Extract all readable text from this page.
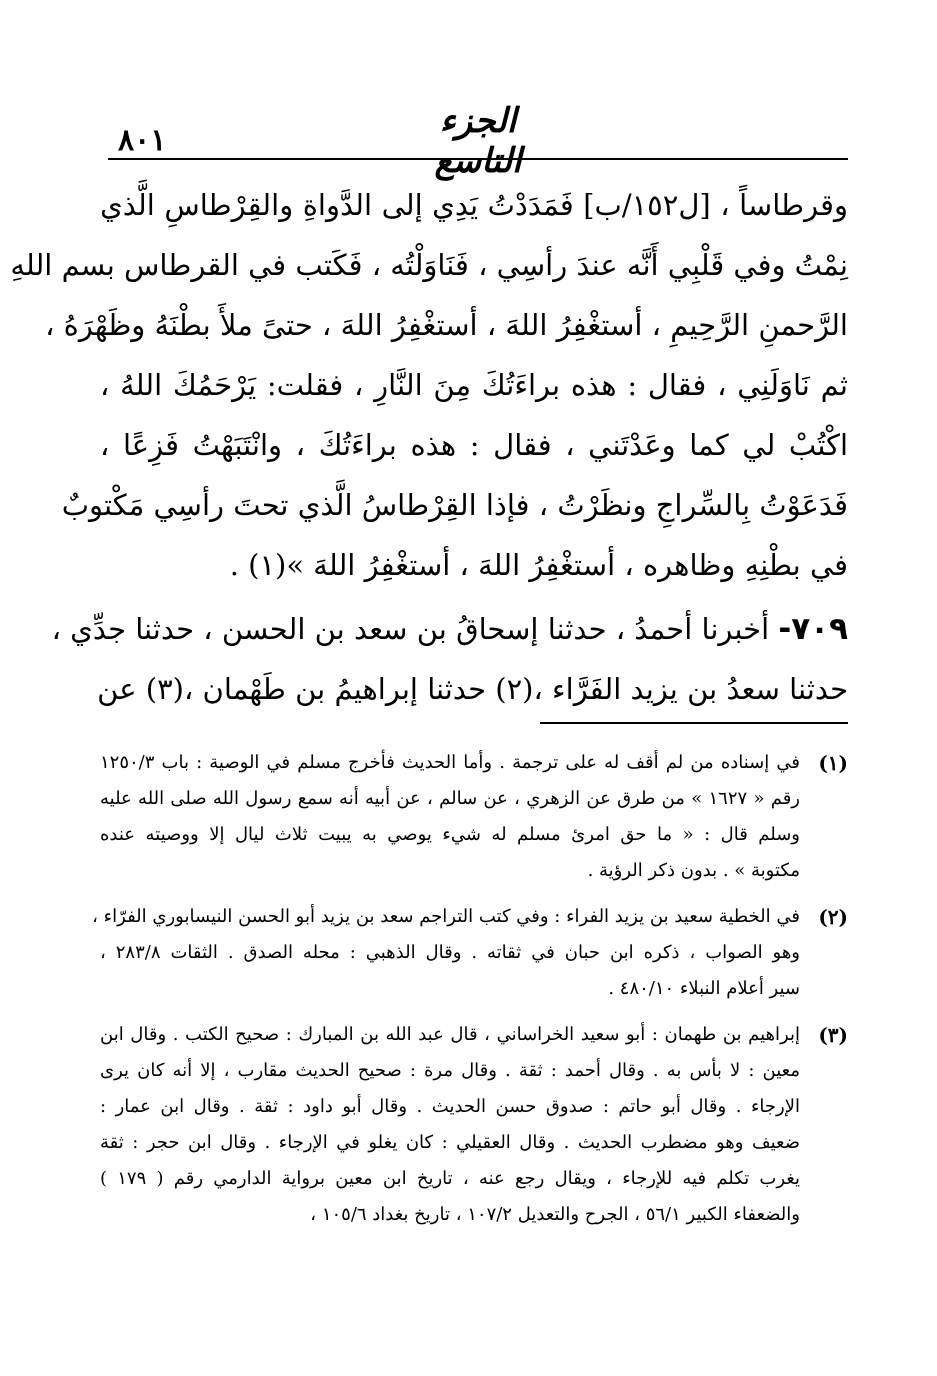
٨٠١	الجزء التاسع
وقرطاساً ، [ل١٥٢/ب] فَمَدَدْتُ يَدِي إلى الدَّواةِ والقِرْطاسِ الَّذي
نِمْتُ وفي قَلْبِي أَنَّه عندَ رأسِي ، فَنَاوَلْتُه ، فَكَتب في القرطاس بسم اللهِ
الرَّحمنِ الرَّحِيمِ ، أستغْفِرُ اللهَ ، أستغْفِرُ اللهَ ، حتىً ملأَ بطْنَهُ وظَهْرَهُ ،
ثم نَاوَلَنِي ، فقال : هذه براءَتُكَ مِنَ النَّارِ ، فقلت: يَرْحَمُكَ اللهُ ،
اكْتُبْ لي كما وعَدْتَني ، فقال : هذه براءَتُكَ ، وانْتَبَهْتُ فَزِعًا ،
فَدَعَوْتُ بِالسِّراجِ ونظَرْتُ ، فإذا القِرْطاسُ الَّذي تحتَ رأسِي مَكْتوبٌ
في بطْنِهِ وظاهره ، أستغْفِرُ اللهَ ، أستغْفِرُ اللهَ »(١) .
٧٠٩- أخبرنا أحمدُ ، حدثنا إسحاقُ بن سعد بن الحسن ، حدثنا جدِّي ،
حدثنا سعدُ بن يزيد الفَرَّاء ،(٢) حدثنا إبراهيمُ بن طَهْمان ،(٣) عن
(١)
في إسناده من لم أقف له على ترجمة . وأما الحديث فأخرج مسلم في الوصية : باب ١٢٥٠/٣
رقم « ١٦٢٧ » من طرق عن الزهري ، عن سالم ، عن أبيه أنه سمع رسول الله صلى الله عليه
وسلم قال : « ما حق امرئ مسلم له شيء يوصي به يبيت ثلاث ليال إلا ووصيته عنده
مكتوبة » . بدون ذكر الرؤية .
(٢)
في الخطية سعيد بن يزيد الفراء : وفي كتب التراجم سعد بن يزيد أبو الحسن النيسابوري الفرّاء ،
وهو الصواب ، ذكره ابن حبان في ثقاته . وقال الذهبي : محله الصدق . الثقات ٢٨٣/٨ ،
سير أعلام النبلاء ٤٨٠/١٠ .
(٣)
إبراهيم بن طهمان : أبو سعيد الخراساني ، قال عبد الله بن المبارك : صحيح الكتب . وقال ابن
معين : لا بأس به . وقال أحمد : ثقة . وقال مرة : صحيح الحديث مقارب ، إلا أنه كان يرى
الإرجاء . وقال أبو حاتم : صدوق حسن الحديث . وقال أبو داود : ثقة . وقال ابن عمار :
ضعيف وهو مضطرب الحديث . وقال العقيلي : كان يغلو في الإرجاء . وقال ابن حجر : ثقة
يغرب تكلم فيه للإرجاء ، ويقال رجع عنه ، تاريخ ابن معين برواية الدارمي رقم ( ١٧٩ )
والضعفاء الكبير ٥٦/١ ، الجرح والتعديل ١٠٧/٢ ، تاريخ بغداد ١٠٥/٦ ،
